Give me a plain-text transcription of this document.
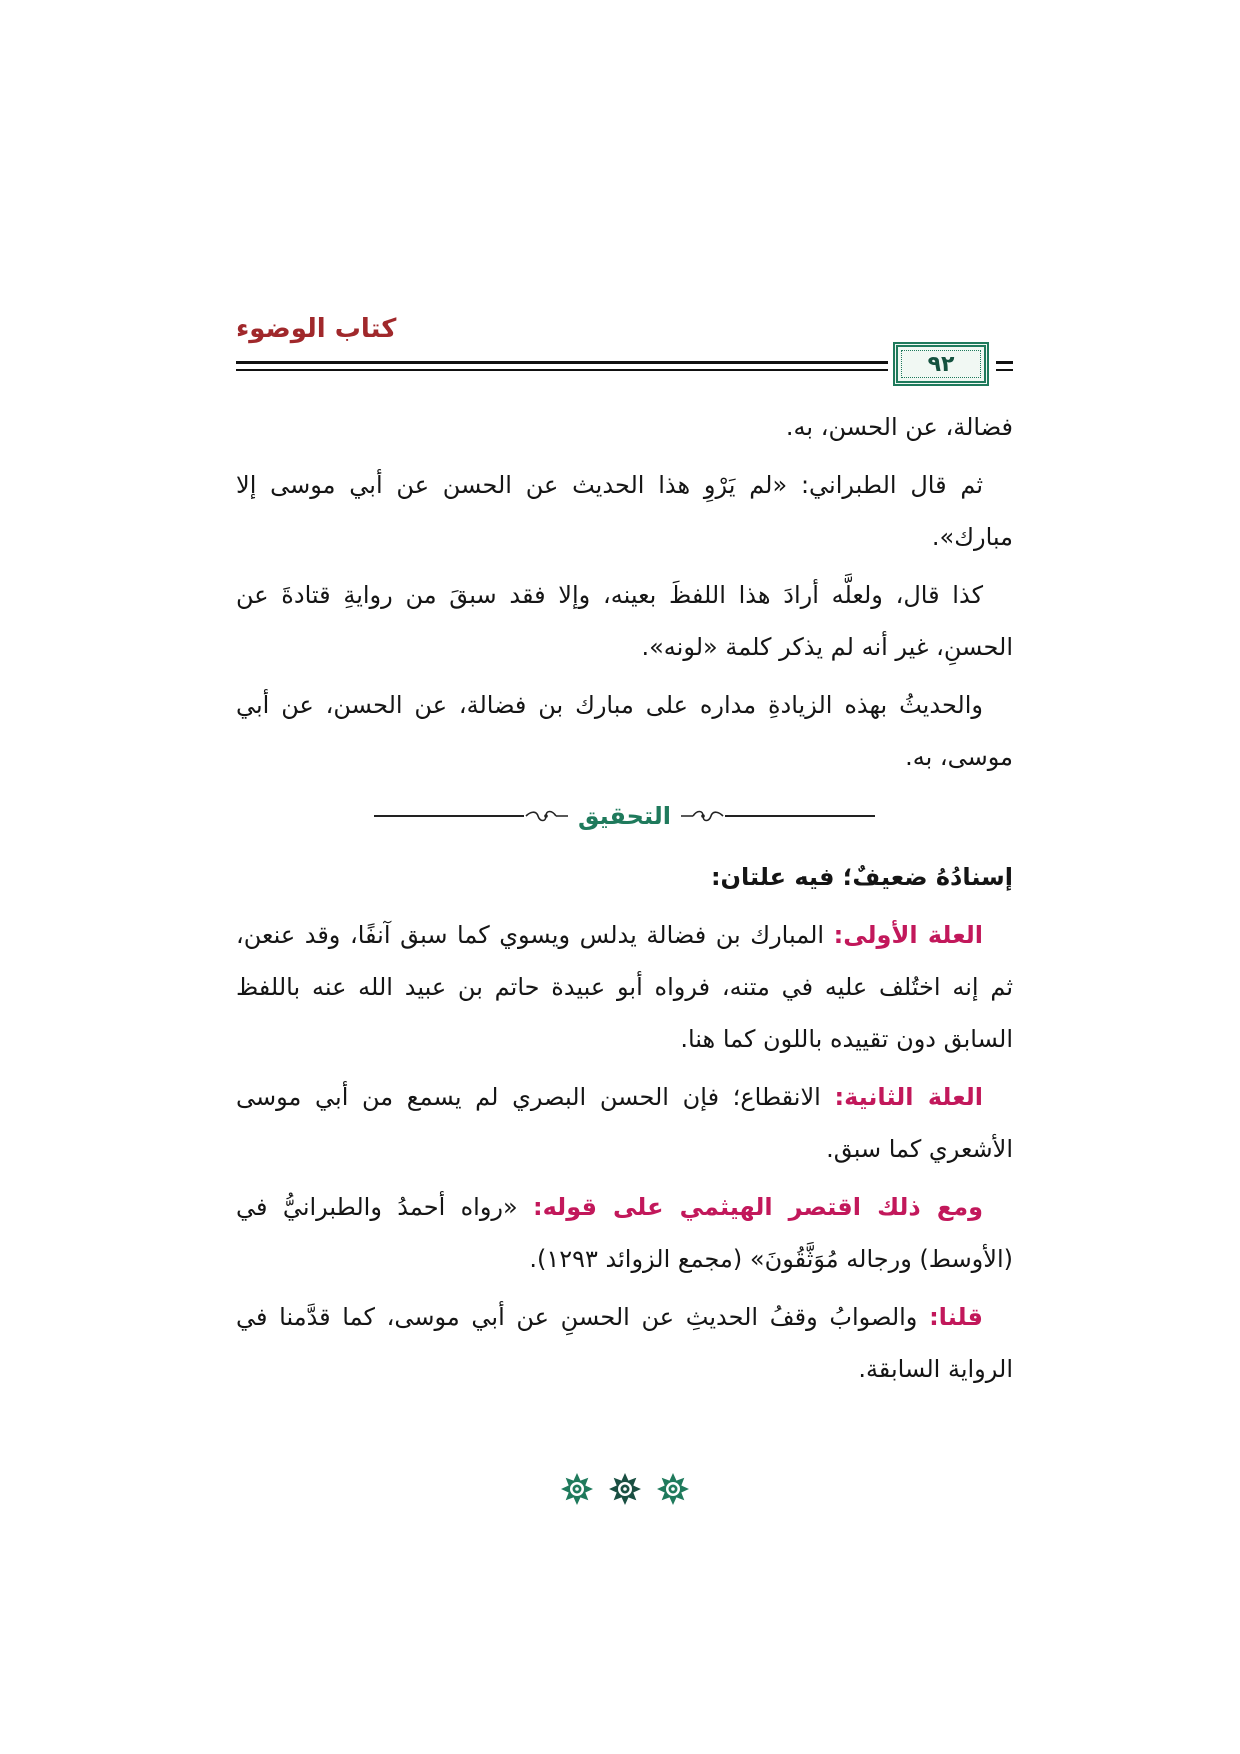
كتاب الوضوء
٩٢

فضالة، عن الحسن، به.

ثم قال الطبراني: «لم يَرْوِ هذا الحديث عن الحسن عن أبي موسى إلا مبارك».

كذا قال، ولعلَّه أرادَ هذا اللفظَ بعينه، وإلا فقد سبقَ من روايةِ قتادةَ عن الحسنِ، غير أنه لم يذكر كلمة «لونه».

والحديثُ بهذه الزيادةِ مداره على مبارك بن فضالة، عن الحسن، عن أبي موسى، به.

التحقيق

إسنادُهُ ضعيفٌ؛ فيه علتان:

العلة الأولى: المبارك بن فضالة يدلس ويسوي كما سبق آنفًا، وقد عنعن، ثم إنه اختُلف عليه في متنه، فرواه أبو عبيدة حاتم بن عبيد الله عنه باللفظ السابق دون تقييده باللون كما هنا.

العلة الثانية: الانقطاع؛ فإن الحسن البصري لم يسمع من أبي موسى الأشعري كما سبق.

ومع ذلك اقتصر الهيثمي على قوله: «رواه أحمدُ والطبرانيُّ في (الأوسط) ورجاله مُوَثَّقُونَ» (مجمع الزوائد ١٢٩٣).

قلنا: والصوابُ وقفُ الحديثِ عن الحسنِ عن أبي موسى، كما قدَّمنا في الرواية السابقة.
